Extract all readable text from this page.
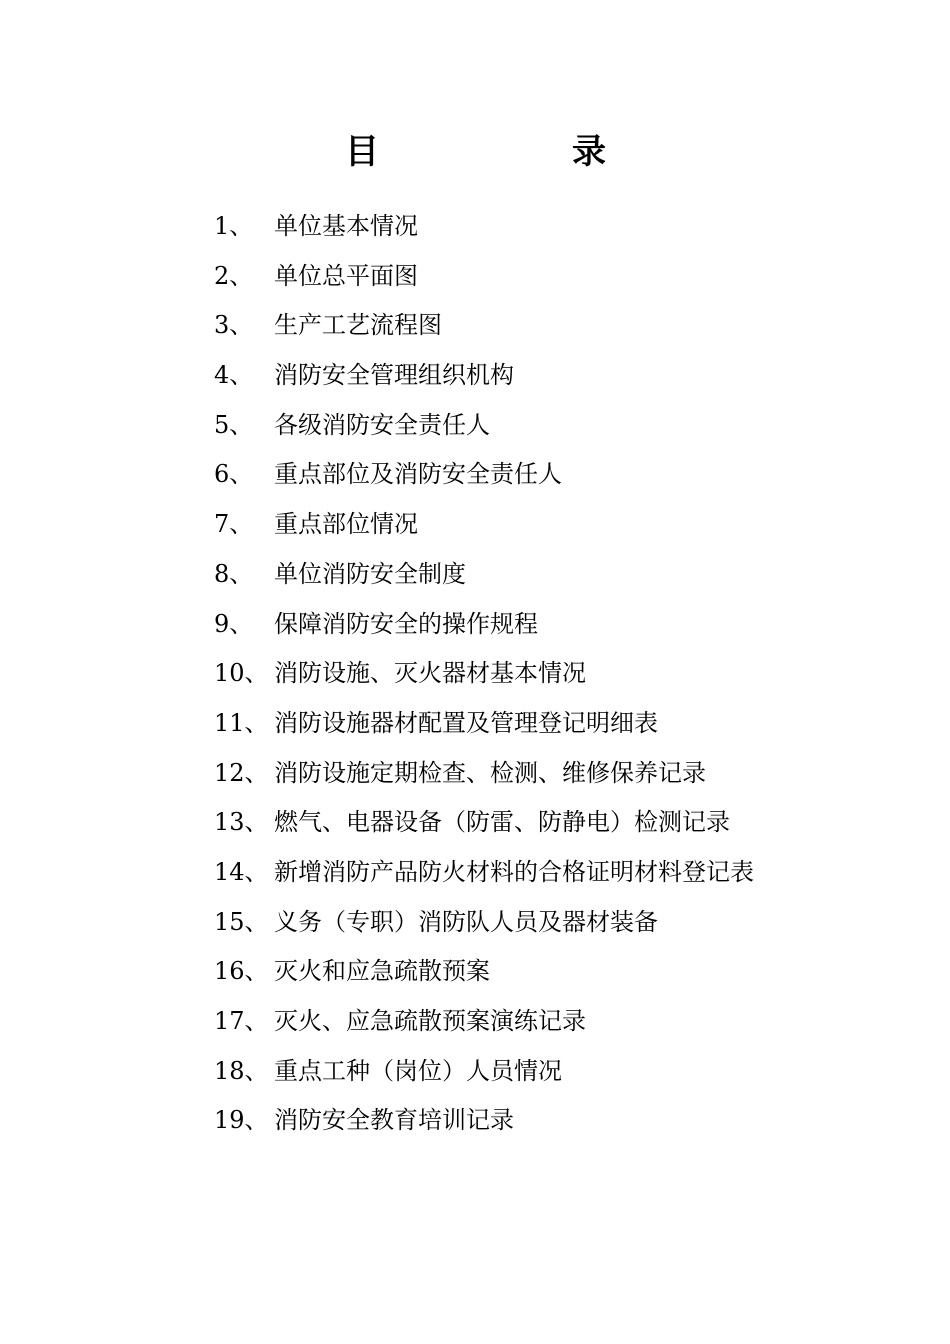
目	录
1、 单位基本情况
2、 单位总平面图
3、 生产工艺流程图
4、 消防安全管理组织机构
5、 各级消防安全责任人
6、 重点部位及消防安全责任人
7、 重点部位情况
8、 单位消防安全制度
9、 保障消防安全的操作规程
10、 消防设施、灭火器材基本情况
11、 消防设施器材配置及管理登记明细表
12、 消防设施定期检查、检测、维修保养记录
13、 燃气、电器设备（防雷、防静电）检测记录
14、 新增消防产品防火材料的合格证明材料登记表
15、 义务（专职）消防队人员及器材装备
16、 灭火和应急疏散预案
17、 灭火、应急疏散预案演练记录
18、 重点工种（岗位）人员情况
19、 消防安全教育培训记录
